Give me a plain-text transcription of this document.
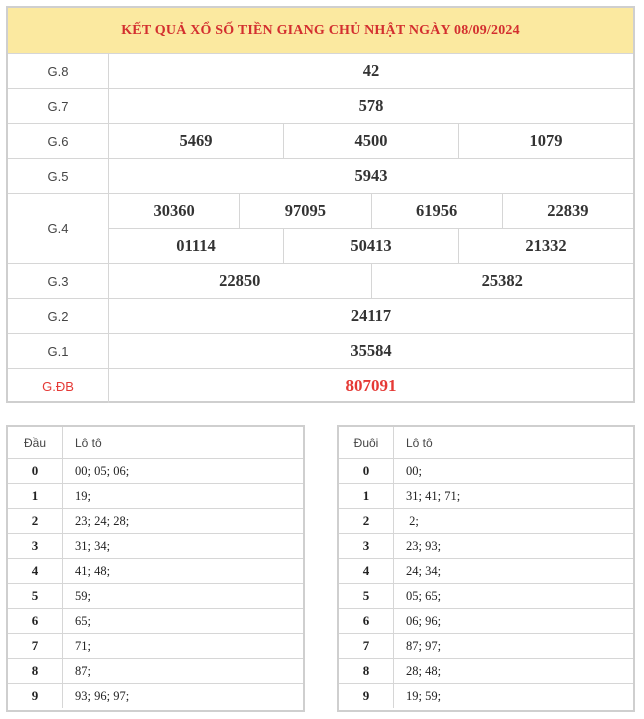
KẾT QUẢ XỔ SỐ TIỀN GIANG CHỦ NHẬT NGÀY 08/09/2024
G.8	42
G.7	578
G.6	5469	4500	1079
G.5	5943
G.4
30360	97095	61956	22839
01114	50413	21332
G.3	22850	25382
G.2	24117
G.1	35584
G.ĐB	807091
Đầu	Lô tô
0	00; 05; 06;
1	19;
2	23; 24; 28;
3	31; 34;
4	41; 48;
5	59;
6	65;
7	71;
8	87;
9	93; 96; 97;
Đuôi	Lô tô
0	00;
1	31; 41; 71;
2	2;
3	23; 93;
4	24; 34;
5	05; 65;
6	06; 96;
7	87; 97;
8	28; 48;
9	19; 59;
